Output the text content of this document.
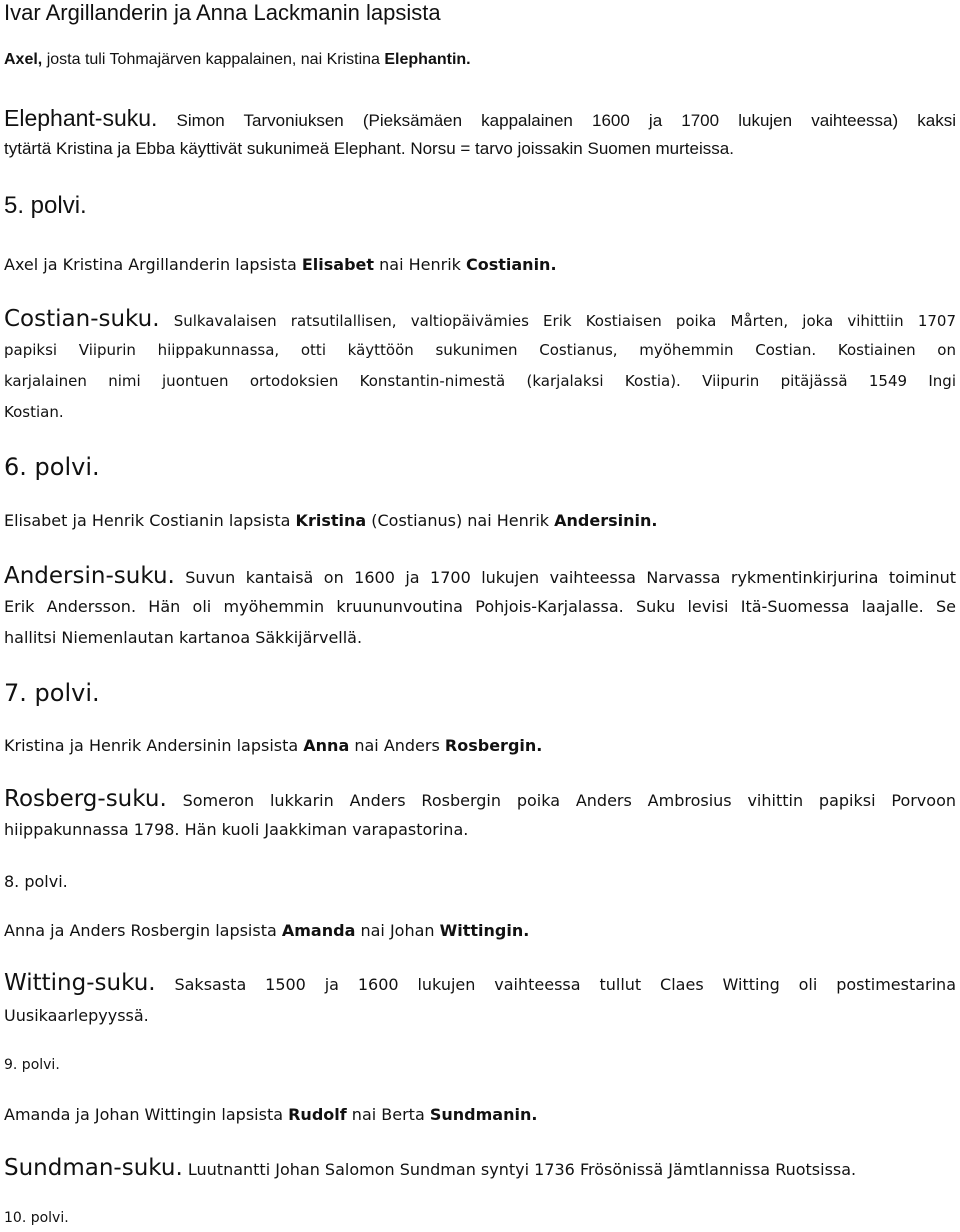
Ivar Argillanderin ja Anna Lackmanin lapsista

Axel, josta tuli Tohmajärven kappalainen, nai Kristina Elephantin.

Elephant-suku. Simon Tarvoniuksen (Pieksämäen kappalainen 1600 ja 1700 lukujen vaihteessa) kaksi

tytärtä Kristina ja Ebba käyttivät sukunimeä Elephant. Norsu = tarvo joissakin Suomen murteissa.

5. polvi.

Axel ja Kristina Argillanderin lapsista Elisabet nai Henrik Costianin.

Costian-suku. Sulkavalaisen ratsutilallisen, valtiopäivämies Erik Kostiaisen poika Mårten, joka vihittiin 1707

papiksi Viipurin hiippakunnassa, otti käyttöön sukunimen Costianus, myöhemmin Costian. Kostiainen on

karjalainen nimi juontuen ortodoksien Konstantin-nimestä (karjalaksi Kostia). Viipurin pitäjässä 1549 Ingi

Kostian.

6. polvi.

Elisabet ja Henrik Costianin lapsista Kristina (Costianus) nai Henrik Andersinin.

Andersin-suku. Suvun kantaisä on 1600 ja 1700 lukujen vaihteessa Narvassa rykmentinkirjurina toiminut

Erik Andersson. Hän oli myöhemmin kruununvoutina Pohjois-Karjalassa. Suku levisi Itä-Suomessa laajalle. Se

hallitsi Niemenlautan kartanoa Säkkijärvellä.

7. polvi.

Kristina ja Henrik Andersinin lapsista Anna nai Anders Rosbergin.

Rosberg-suku. Someron lukkarin Anders Rosbergin poika Anders Ambrosius vihittin papiksi Porvoon

hiippakunnassa 1798. Hän kuoli Jaakkiman varapastorina.

8. polvi.

Anna ja Anders Rosbergin lapsista Amanda nai Johan Wittingin.

Witting-suku. Saksasta 1500 ja 1600 lukujen vaihteessa tullut Claes Witting oli postimestarina

Uusikaarlepyyssä.

9. polvi.

Amanda ja Johan Wittingin lapsista Rudolf nai Berta Sundmanin.

Sundman-suku. Luutnantti Johan Salomon Sundman syntyi 1736 Frösönissä Jämtlannissa Ruotsissa.

10. polvi.
